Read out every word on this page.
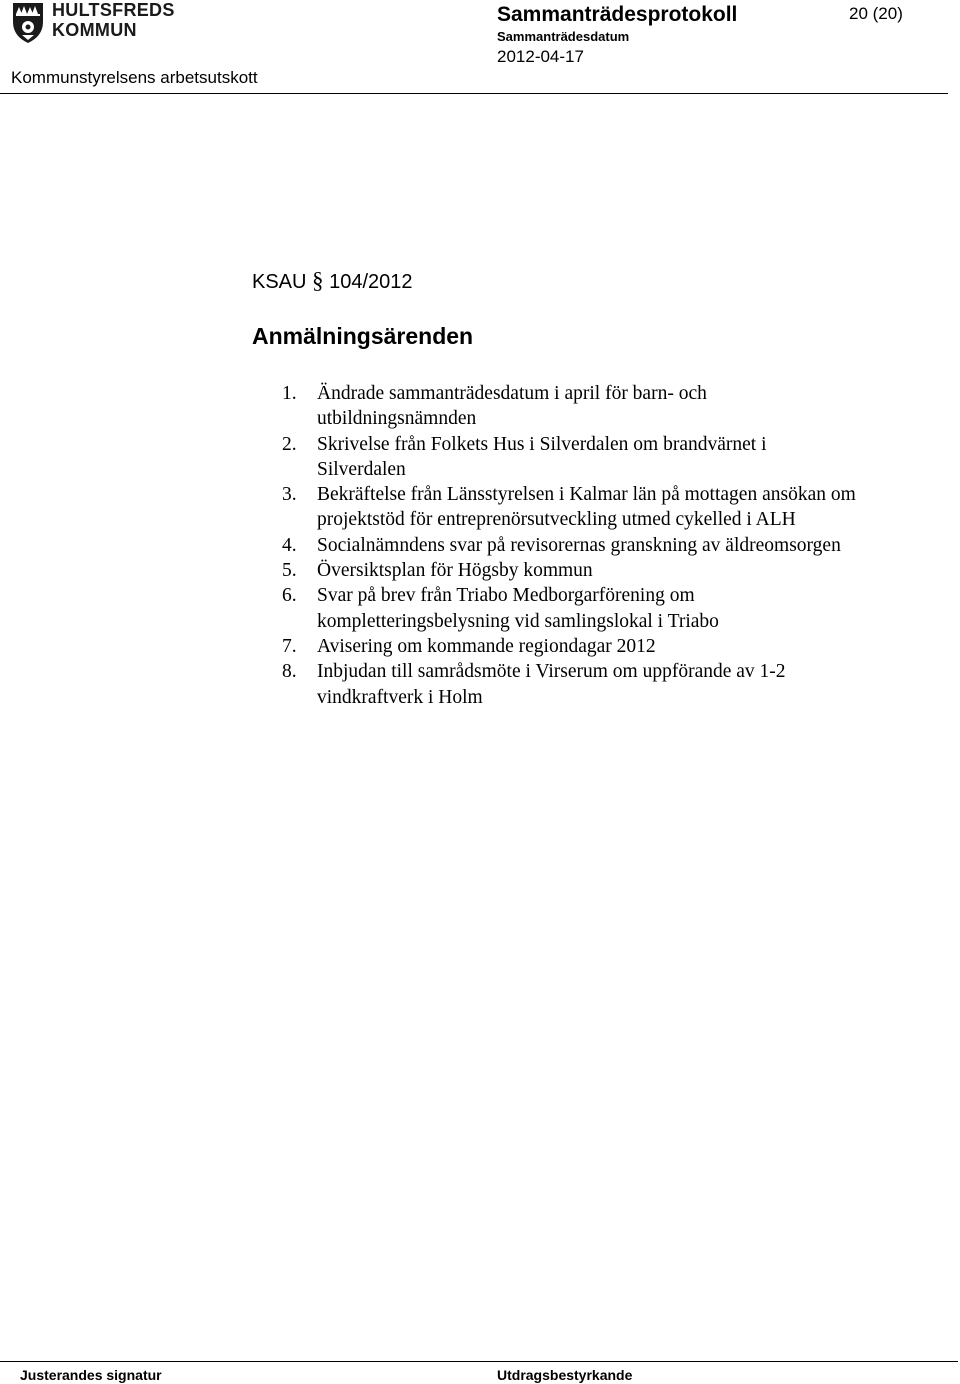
HULTSFREDS
KOMMUN
Sammanträdesprotokoll	20 (20)
Sammanträdesdatum
2012-04-17
Kommunstyrelsens arbetsutskott
KSAU § 104/2012
Anmälningsärenden
1. Ändrade sammanträdesdatum i april för barn- och
utbildningsnämnden
2. Skrivelse från Folkets Hus i Silverdalen om brandvärnet i
Silverdalen
3. Bekräftelse från Länsstyrelsen i Kalmar län på mottagen ansökan om
projektstöd för entreprenörsutveckling utmed cykelled i ALH
4. Socialnämndens svar på revisorernas granskning av äldreomsorgen
5. Översiktsplan för Högsby kommun
6. Svar på brev från Triabo Medborgarförening om
kompletteringsbelysning vid samlingslokal i Triabo
7. Avisering om kommande regiondagar 2012
8. Inbjudan till samrådsmöte i Virserum om uppförande av 1-2
vindkraftverk i Holm
Justerandes signatur	Utdragsbestyrkande
